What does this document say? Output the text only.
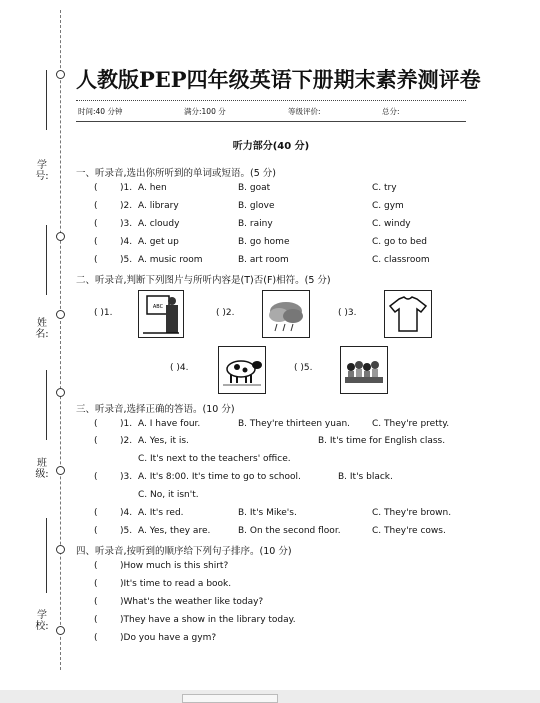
学 号:
姓 名:
班 级:
学 校:
人教版PEP四年级英语下册期末素养测评卷
时间:40 分钟	满分:100 分	等级评价:	总分:
听力部分(40 分)
一、听录音,选出你所听到的单词或短语。(5 分)
( )1. A. hen	B. goat	C. try
( )2. A. library	B. glove	C. gym
( )3. A. cloudy	B. rainy	C. windy
( )4. A. get up	B. go home	C. go to bed
( )5. A. music room	B. art room	C. classroom
二、听录音,判断下列图片与所听内容是(T)否(F)相符。(5 分)
( )1.
ABC
( )2.	( )3.
( )4.	( )5.
三、听录音,选择正确的答语。(10 分)
( )1. A. I have four.	B. They're thirteen yuan. C. They're pretty.
( )2. A. Yes, it is.	B. It's time for English class.
C. It's next to the teachers' office.
( )3. A. It's 8:00. It's time to go to school.	B. It's black.
C. No, it isn't.
( )4. A. It's red.	B. It's Mike's.	C. They're brown.
( )5. A. Yes, they are.	B. On the second floor.	C. They're cows.
四、听录音,按听到的顺序给下列句子排序。(10 分)
( )How much is this shirt?
( )It's time to read a book.
( )What's the weather like today?
( )They have a show in the library today.
( )Do you have a gym?
